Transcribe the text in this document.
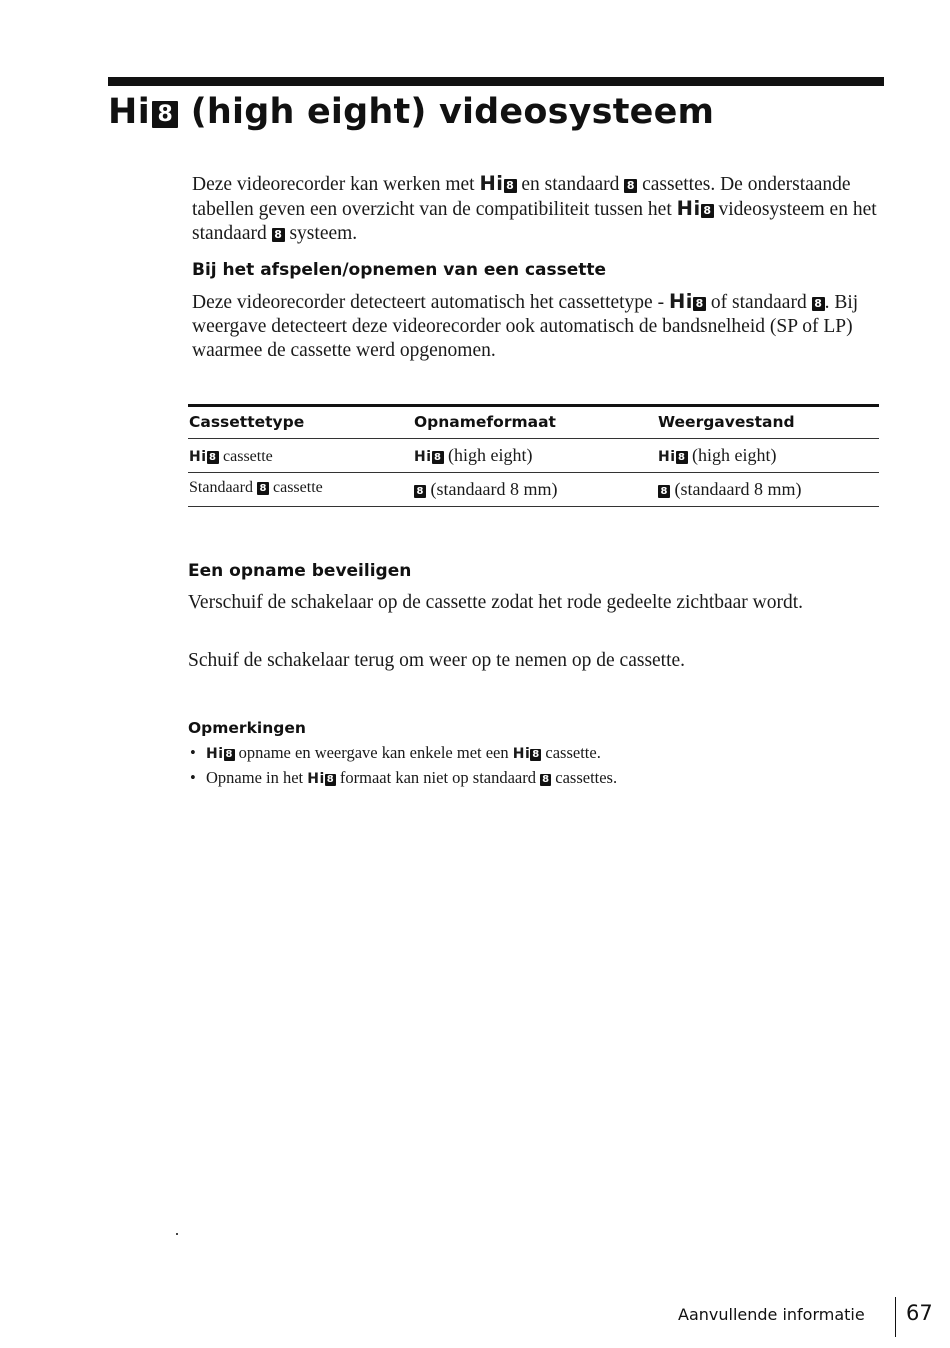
Hi 8 (high eight) videosysteem

Deze videorecorder kan werken met Hi 8 en standaard 8 cassettes. De onderstaande tabellen geven een overzicht van de compatibiliteit tussen het Hi 8 videosysteem en het standaard 8 systeem.

Bij het afspelen/opnemen van een cassette

Deze videorecorder detecteert automatisch het cassettetype - Hi 8 of standaard 8 . Bij weergave detecteert deze videorecorder ook automatisch de bandsnelheid (SP of LP) waarmee de cassette werd opgenomen.

Cassettetype	Opnameformaat	Weergavestand
Hi 8 cassette	Hi 8 (high eight)	Hi 8 (high eight)
Standaard 8 cassette	8 (standaard 8 mm)	8 (standaard 8 mm)
Een opname beveiligen

Verschuif de schakelaar op de cassette zodat het rode gedeelte zichtbaar wordt.

Schuif de schakelaar terug om weer op te nemen op de cassette.

Opmerkingen
• Hi 8 opname en weergave kan enkele met een Hi 8 cassette.
• Opname in het Hi 8 formaat kan niet op standaard 8 cassettes.
Aanvullende informatie 67
